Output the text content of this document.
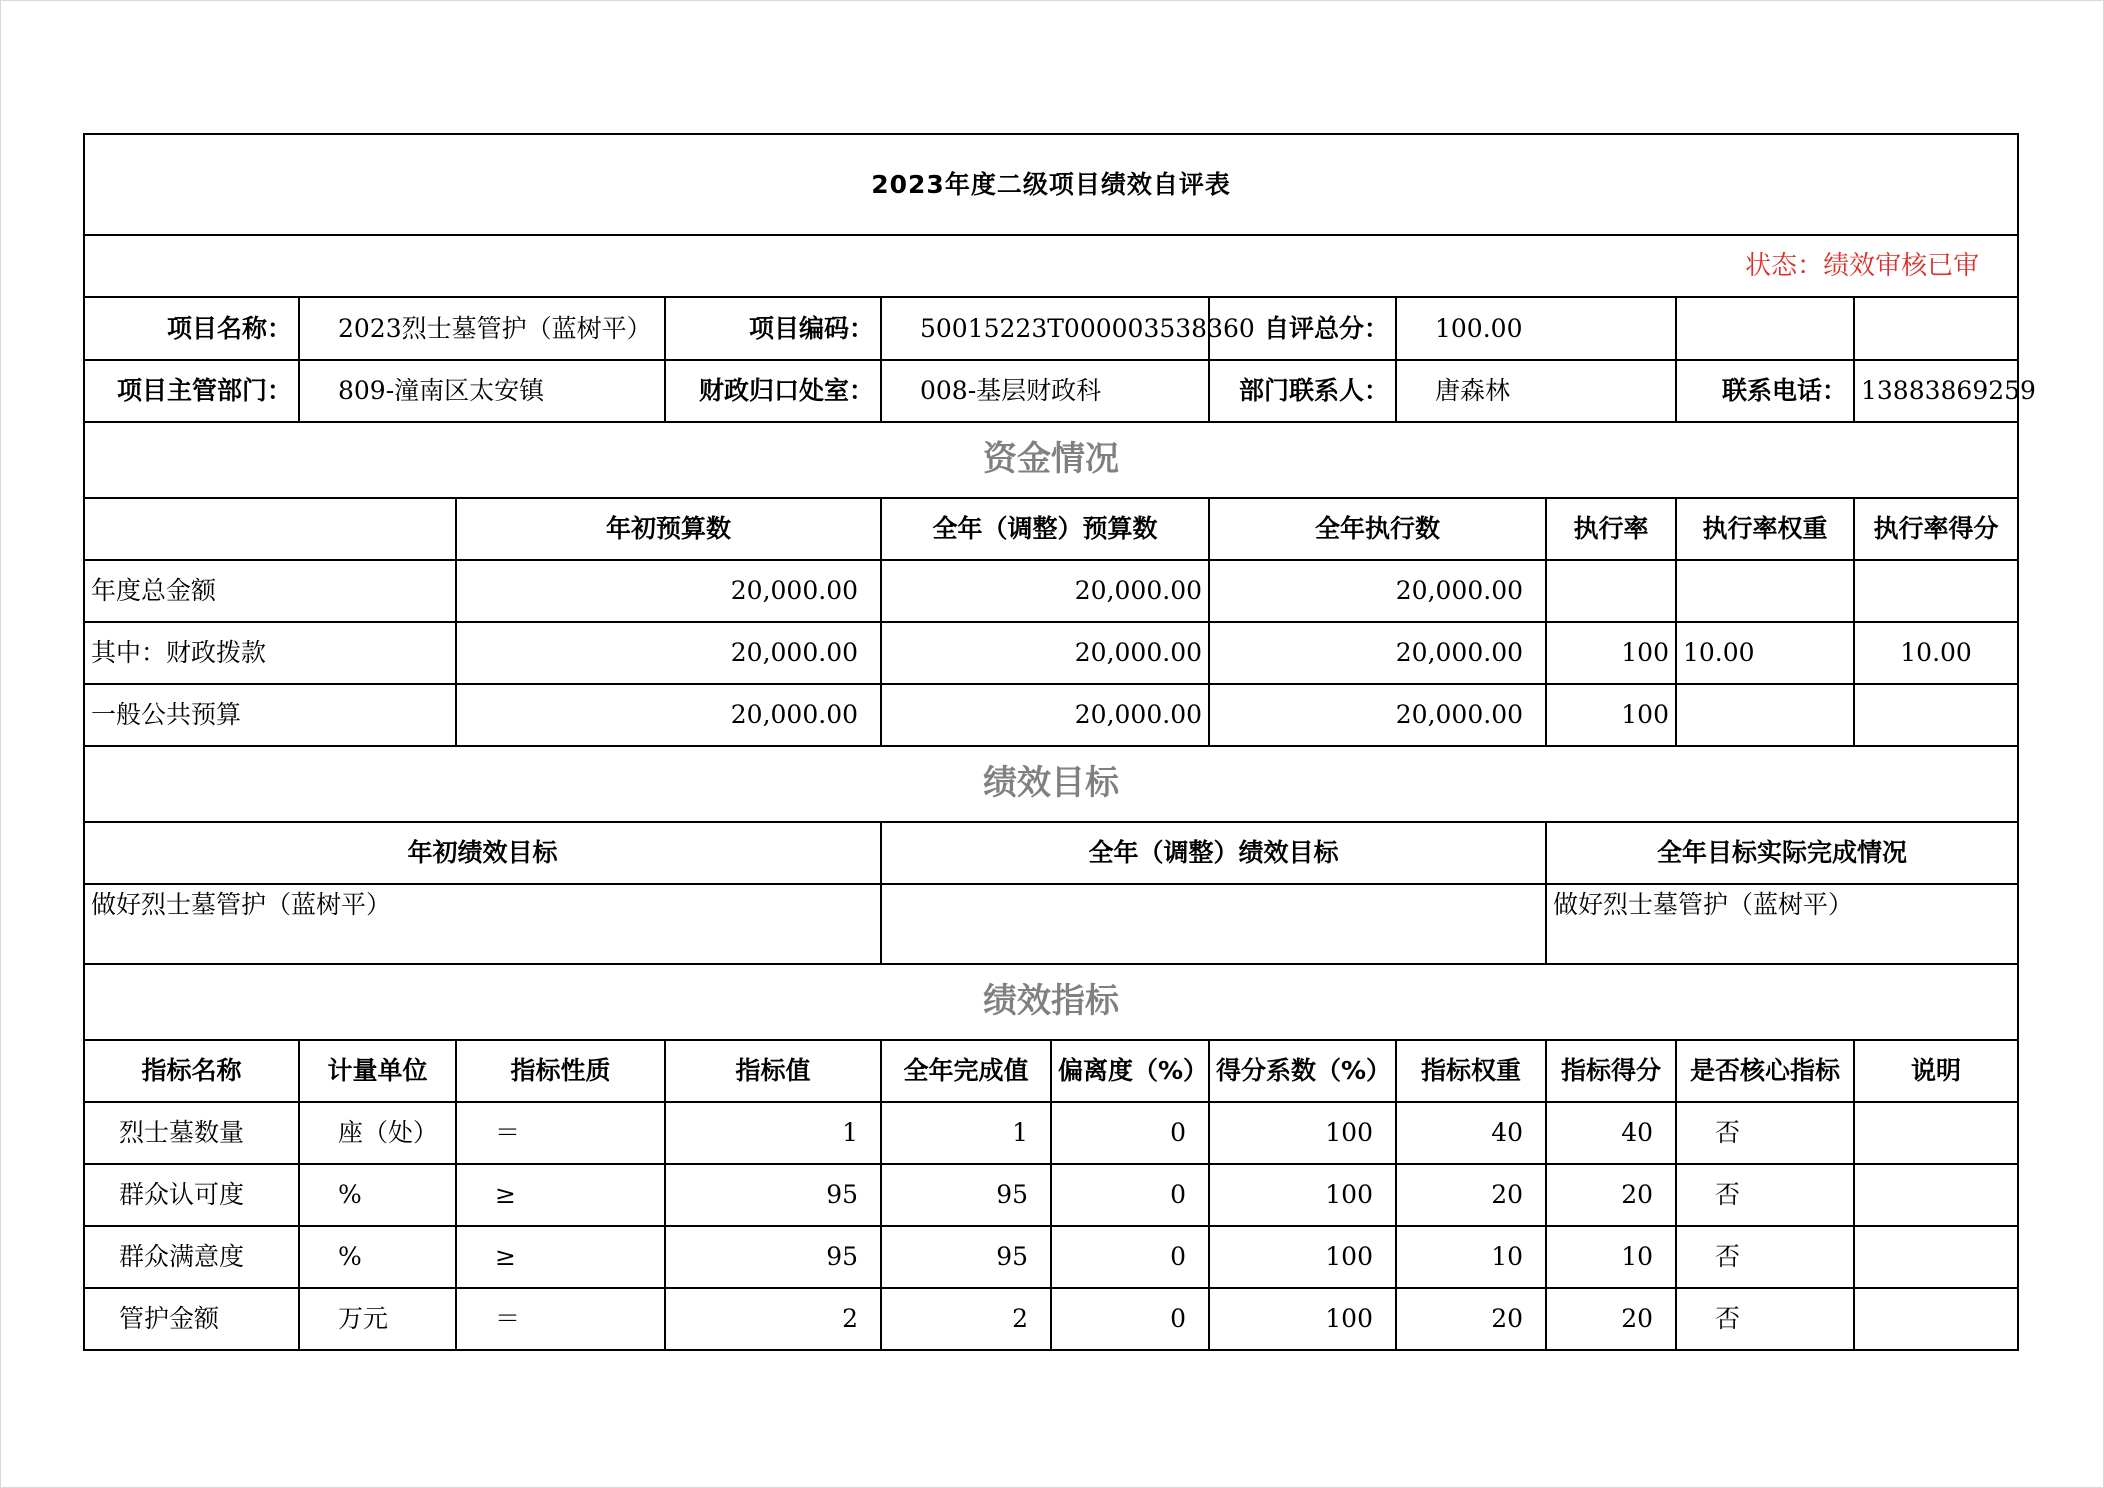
2023年度二级项目绩效自评表										
状态：绩效审核已审										
项目名称：	2023烈士墓管护（蓝树平）		项目编码：	50015223T000003538360		自评总分：	100.00			
项目主管部门：	809-潼南区太安镇		财政归口处室：	008-基层财政科		部门联系人：	唐森林		联系电话：	13883869259
资金情况										
		年初预算数		全年（调整）预算数		全年执行数		执行率	执行率权重	执行率得分
年度总金额		20,000.00		20,000.00		20,000.00				
其中：财政拨款		20,000.00		20,000.00		20,000.00		100	10.00	10.00
一般公共预算		20,000.00		20,000.00		20,000.00		100		
绩效目标										
年初绩效目标				全年（调整）绩效目标				全年目标实际完成情况		
做好烈士墓管护（蓝树平）								做好烈士墓管护（蓝树平）		
绩效指标										
指标名称	计量单位	指标性质	指标值	全年完成值	偏离度（%）	得分系数（%）	指标权重	指标得分	是否核心指标	说明
烈士墓数量	座（处）	＝	1	1	0	100	40	40	否	
群众认可度	%	≥	95	95	0	100	20	20	否	
群众满意度	%	≥	95	95	0	100	10	10	否	
管护金额	万元	＝	2	2	0	100	20	20	否	
